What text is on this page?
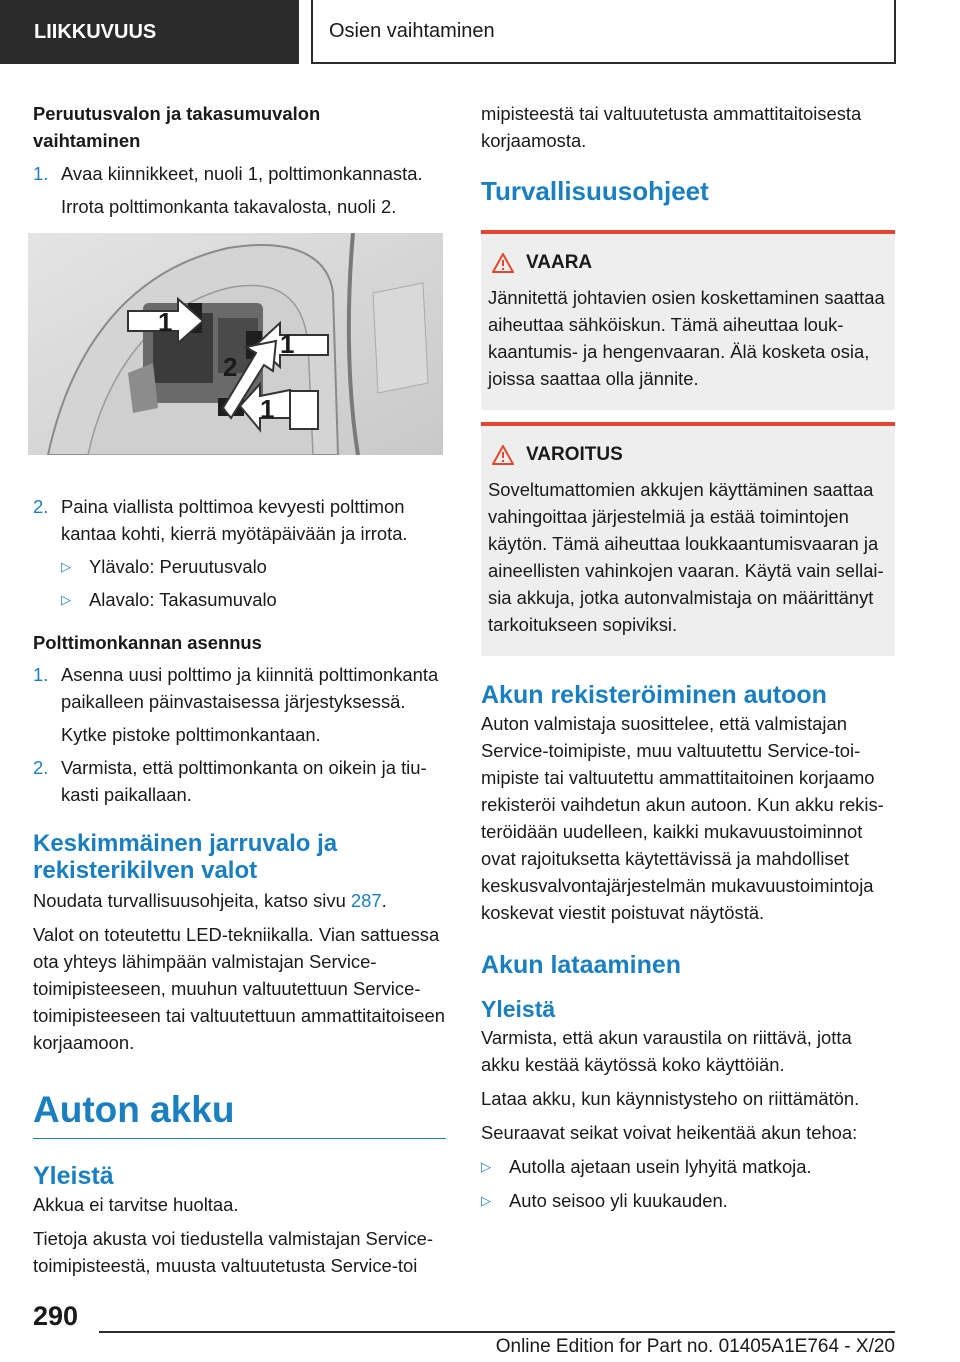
LIIKKUVUUS	Osien vaihtaminen

Peruutusvalon ja takasumuvalon vaihtaminen

1. Avaa kiinnikkeet, nuoli 1, polttimonkannasta.

Irrota polttimonkanta takavalosta, nuoli 2.

2. Paina viallista polttimoa kevyesti polttimon kantaa kohti, kierrä myötäpäivään ja irrota.
▷ Ylävalo: Peruutusvalo
▷ Alavalo: Takasumuvalo

Polttimonkannan asennus

1. Asenna uusi polttimo ja kiinnitä polttimonkanta paikalleen päinvastaisessa järjestyksessä.

Kytke pistoke polttimonkantaan.

2. Varmista, että polttimonkanta on oikein ja tiukasti paikallaan.

Keskimmäinen jarruvalo ja rekisterikilven valot

Noudata turvallisuusohjeita, katso sivu 287.

Valot on toteutettu LED-tekniikalla. Vian sattuessa ota yhteys lähimpään valmistajan Service-toimipisteeseen, muuhun valtuutettuun Service-toimipisteeseen tai valtuutettuun ammattitaitoiseen korjaamoon.

Auton akku

Yleistä

Akkua ei tarvitse huoltaa.

Tietoja akusta voi tiedustella valmistajan Service-toimipisteestä, muusta valtuutetusta Service-toi

1
1
2
1

mipisteestä tai valtuutetusta ammattitaitoisesta korjaamosta.

Turvallisuusohjeet

VAARA

Jännitettä johtavien osien koskettaminen saattaa aiheuttaa sähköiskun. Tämä aiheuttaa loukkaantumis- ja hengenvaaran. Älä kosketa osia, joissa saattaa olla jännite.

VAROITUS

Soveltumattomien akkujen käyttäminen saattaa vahingoittaa järjestelmiä ja estää toimintojen käytön. Tämä aiheuttaa loukkaantumisvaaran ja aineellisten vahinkojen vaaran. Käytä vain sellaisia akkuja, jotka autonvalmistaja on määrittänyt tarkoitukseen sopiviksi.

Akun rekisteröiminen autoon

Auton valmistaja suosittelee, että valmistajan Service-toimipiste, muu valtuutettu Service-toimipiste tai valtuutettu ammattitaitoinen korjaamo rekisteröi vaihdetun akun autoon. Kun akku rekisteröidään uudelleen, kaikki mukavuustoiminnot ovat rajoituksetta käytettävissä ja mahdolliset keskusvalvontajärjestelmän mukavuustoimintoja koskevat viestit poistuvat näytöstä.

Akun lataaminen

Yleistä

Varmista, että akun varaustila on riittävä, jotta akku kestää käytössä koko käyttöiän.

Lataa akku, kun käynnistysteho on riittämätön.

Seuraavat seikat voivat heikentää akun tehoa:

▷ Autolla ajetaan usein lyhyitä matkoja.
▷ Auto seisoo yli kuukauden.
290
Online Edition for Part no. 01405A1E764 - X/20
